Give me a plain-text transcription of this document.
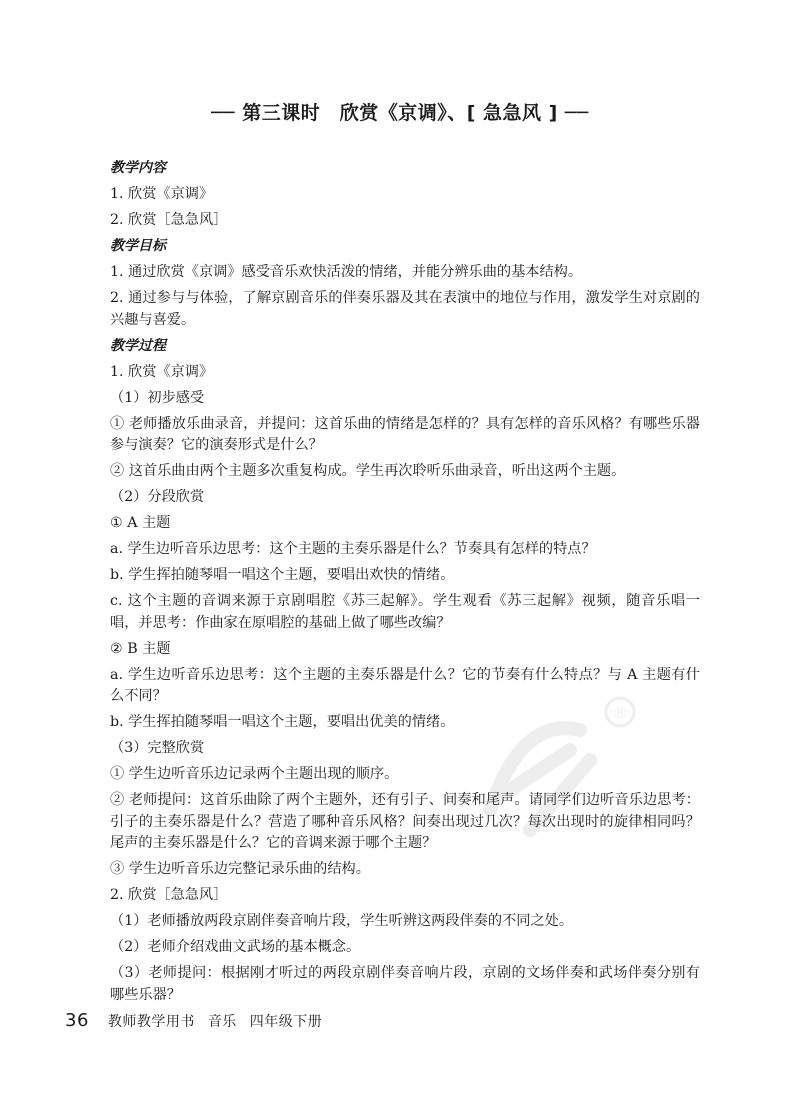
── 第三课时　欣赏《京调》、[ 急急风 ] ──

教学内容

1. 欣赏《京调》

2. 欣赏［急急风］

教学目标

1. 通过欣赏《京调》感受音乐欢快活泼的情绪，并能分辨乐曲的基本结构。

2. 通过参与与体验，了解京剧音乐的伴奏乐器及其在表演中的地位与作用，激发学生对京剧的兴趣与喜爱。

教学过程

1. 欣赏《京调》

（1）初步感受

① 老师播放乐曲录音，并提问：这首乐曲的情绪是怎样的？具有怎样的音乐风格？有哪些乐器参与演奏？它的演奏形式是什么？

② 这首乐曲由两个主题多次重复构成。学生再次聆听乐曲录音，听出这两个主题。

（2）分段欣赏

① A 主题

a. 学生边听音乐边思考：这个主题的主奏乐器是什么？节奏具有怎样的特点？

b. 学生挥拍随琴唱一唱这个主题，要唱出欢快的情绪。

c. 这个主题的音调来源于京剧唱腔《苏三起解》。学生观看《苏三起解》视频，随音乐唱一唱，并思考：作曲家在原唱腔的基础上做了哪些改编？

② B 主题

a. 学生边听音乐边思考：这个主题的主奏乐器是什么？它的节奏有什么特点？与 A 主题有什么不同？

b. 学生挥拍随琴唱一唱这个主题，要唱出优美的情绪。

（3）完整欣赏

① 学生边听音乐边记录两个主题出现的顺序。

② 老师提问：这首乐曲除了两个主题外，还有引子、间奏和尾声。请同学们边听音乐边思考：引子的主奏乐器是什么？营造了哪种音乐风格？间奏出现过几次？每次出现时的旋律相同吗？尾声的主奏乐器是什么？它的音调来源于哪个主题？

③ 学生边听音乐边完整记录乐曲的结构。

2. 欣赏［急急风］

（1）老师播放两段京剧伴奏音响片段，学生听辨这两段伴奏的不同之处。

（2）老师介绍戏曲文武场的基本概念。

（3）老师提问：根据刚才听过的两段京剧伴奏音响片段，京剧的文场伴奏和武场伴奏分别有哪些乐器？

®
36 教师教学用书 音乐 四年级下册
